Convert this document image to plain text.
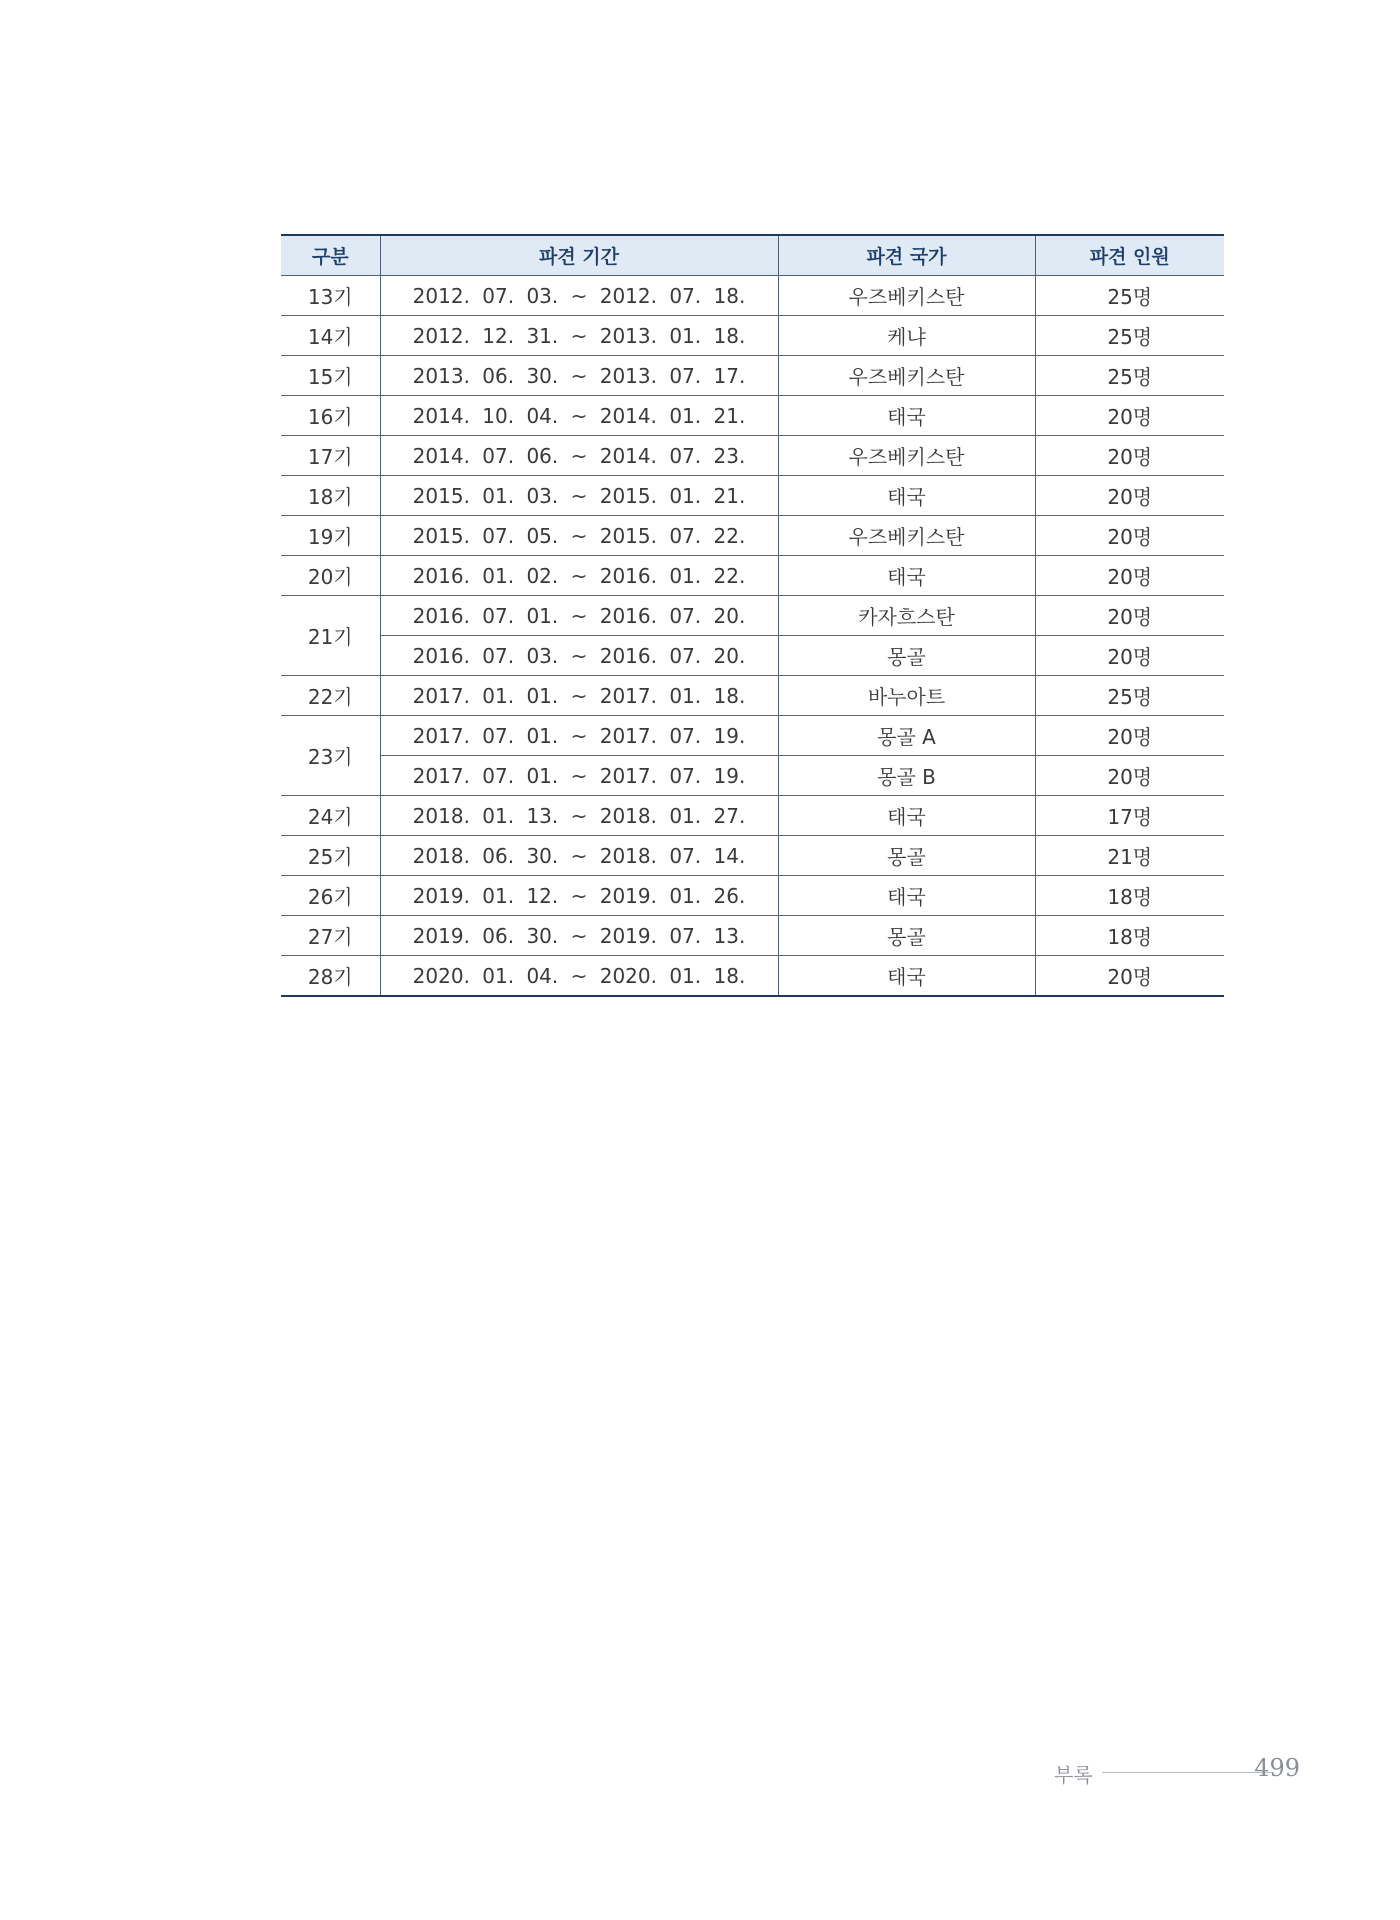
구분	파견 기간	파견 국가	파견 인원
13기	2012. 07. 03. ~ 2012. 07. 18.	우즈베키스탄	25명
14기	2012. 12. 31. ~ 2013. 01. 18.	케냐	25명
15기	2013. 06. 30. ~ 2013. 07. 17.	우즈베키스탄	25명
16기	2014. 10. 04. ~ 2014. 01. 21.	태국	20명
17기	2014. 07. 06. ~ 2014. 07. 23.	우즈베키스탄	20명
18기	2015. 01. 03. ~ 2015. 01. 21.	태국	20명
19기	2015. 07. 05. ~ 2015. 07. 22.	우즈베키스탄	20명
20기	2016. 01. 02. ~ 2016. 01. 22.	태국	20명
21기	2016. 07. 01. ~ 2016. 07. 20.	카자흐스탄	20명
	2016. 07. 03. ~ 2016. 07. 20.	몽골	20명
22기	2017. 01. 01. ~ 2017. 01. 18.	바누아트	25명
23기	2017. 07. 01. ~ 2017. 07. 19.	몽골 A	20명
	2017. 07. 01. ~ 2017. 07. 19.	몽골 B	20명
24기	2018. 01. 13. ~ 2018. 01. 27.	태국	17명
25기	2018. 06. 30. ~ 2018. 07. 14.	몽골	21명
26기	2019. 01. 12. ~ 2019. 01. 26.	태국	18명
27기	2019. 06. 30. ~ 2019. 07. 13.	몽골	18명
28기	2020. 01. 04. ~ 2020. 01. 18.	태국	20명
부록	499
